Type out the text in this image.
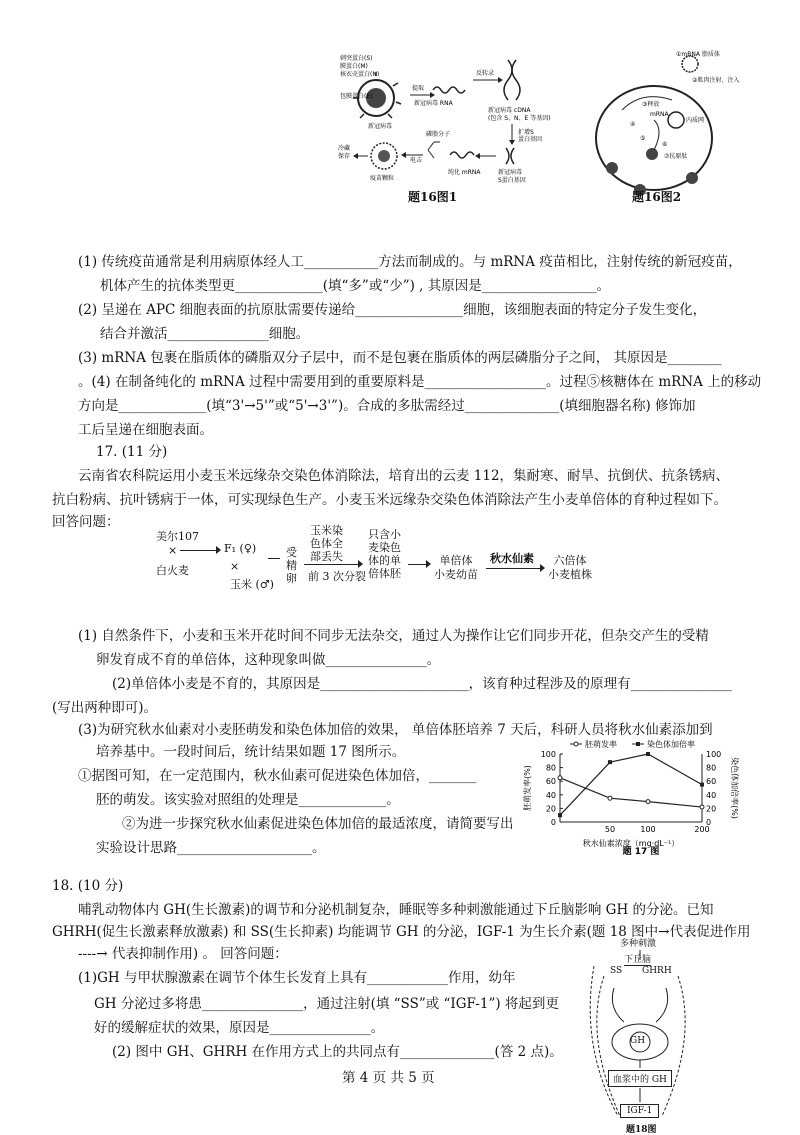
刺突蛋白(S)
膜蛋白(M)
核衣壳蛋白(N)
包膜蛋白(E)
新冠病毒
新冠病毒 RNA
提取
反转录
新冠病毒 cDNA
(包含 S、N、E 等基因)
扩增S
蛋白基因
新冠病毒
S蛋白基因
纯化 mRNA
磷脂分子
电击
疫苗颗粒
冷藏
保存
题16图1
①mRNA 脂质体
②肌肉注射、注入
③释放
mRNA
④
内质网
⑤
⑥
⑦抗原肽
题16图2
(1) 传统疫苗通常是利用病原体经人工___________方法而制成的。与 mRNA 疫苗相比，注射传统的新冠疫苗，
机体产生的抗体类型更_____________(填“多”或“少”) , 其原因是_________________。
(2) 呈递在 APC 细胞表面的抗原肽需要传递给________________细胞，该细胞表面的特定分子发生变化，
结合并激活_______________细胞。
(3) mRNA 包裹在脂质体的磷脂双分子层中，而不是包裹在脂质体的两层磷脂分子之间， 其原因是________
。(4) 在制备纯化的 mRNA 过程中需要用到的重要原料是__________________。过程⑤核糖体在 mRNA 上的移动
方向是_____________(填“3'→5'”或“5'→3'”)。合成的多肽需经过______________(填细胞器名称) 修饰加
工后呈递在细胞表面。
17. (11 分)
云南省农科院运用小麦玉米远缘杂交染色体消除法，培育出的云麦 112，集耐寒、耐旱、抗倒伏、抗条锈病、
抗白粉病、抗叶锈病于一体，可实现绿色生产。小麦玉米远缘杂交染色体消除法产生小麦单倍体的育种过程如下。
回答问题：
美尔107
×
白火麦
F₁ (♀)
×
玉米 (♂)
受
精
卵
玉米染
色体全
部丢失
前 3 次分裂
只含小
麦染色
体的单
倍体胚
单倍体
小麦幼苗
秋水仙素	六倍体
小麦植株
(1) 自然条件下，小麦和玉米开花时间不同步无法杂交，通过人为操作让它们同步开花，但杂交产生的受精
卵发育成不育的单倍体，这种现象叫做_______________。
(2)单倍体小麦是不育的，其原因是______________________，该育种过程涉及的原理有_______________
(写出两种即可)。
(3)为研究秋水仙素对小麦胚萌发和染色体加倍的效果， 单倍体胚培养 7 天后，科研人员将秋水仙素添加到
培养基中。一段时间后，统计结果如题 17 图所示。
①据图可知，在一定范围内，秋水仙素可促进染色体加倍，_______
胚的萌发。该实验对照组的处理是_____________。
②为进一步探究秋水仙素促进染色体加倍的最适浓度，请简要写出
实验设计思路____________________。
0	0
20	20
40	40
60	60
80	80
100	100
50	100	200
秋水仙素浓度（mg·dL⁻¹）
胚萌发率(%)	染色体加倍率(%)
胚萌发率	染色体加倍率
题 17 图
18. (10 分)
哺乳动物体内 GH(生长激素)的调节和分泌机制复杂，睡眠等多种刺激能通过下丘脑影响 GH 的分泌。已知
GHRH(促生长激素释放激素) 和 SS(生长抑素) 均能调节 GH 的分泌，IGF-1 为生长介素(题 18 图中→代表促进作用
----→ 代表抑制作用) 。 回答问题：
(1)GH 与甲状腺激素在调节个体生长发育上具有____________作用，幼年
GH 分泌过多将患_______________，通过注射(填 “SS”或 “IGF-1”) 将起到更
好的缓解症状的效果，原因是_______________。
(2) 图中 GH、GHRH 在作用方式上的共同点有______________(答 2 点)。
多种刺激
下丘脑
SS GHRH
GH
血浆中的 GH
IGF-1
题18图
第 4 页 共 5 页
